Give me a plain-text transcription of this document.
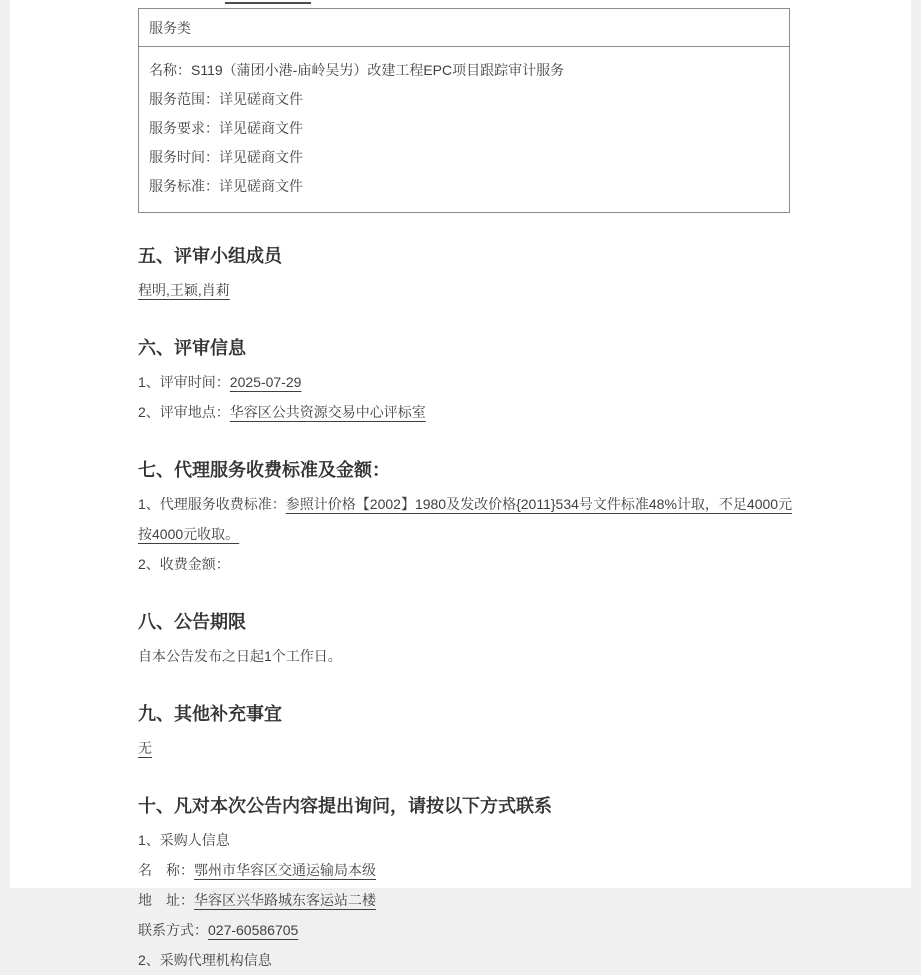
服务类

名称：S119（蒲团小港-庙岭吴屴）改建工程EPC项目跟踪审计服务

服务范围：详见磋商文件

服务要求：详见磋商文件

服务时间：详见磋商文件

服务标准：详见磋商文件

五、评审小组成员

程明,王颖,肖莉

六、评审信息

1、评审时间：2025-07-29

2、评审地点：华容区公共资源交易中心评标室

七、代理服务收费标准及金额：

1、代理服务收费标准：参照计价格【2002】1980及发改价格{2011}534号文件标准48%计取，不足4000元按4000元收取。

2、收费金额：

八、公告期限

自本公告发布之日起1个工作日。

九、其他补充事宜

无

十、凡对本次公告内容提出询问，请按以下方式联系

1、采购人信息

名　称：鄂州市华容区交通运输局本级

地　址：华容区兴华路城东客运站二楼

联系方式：027-60586705

2、采购代理机构信息
